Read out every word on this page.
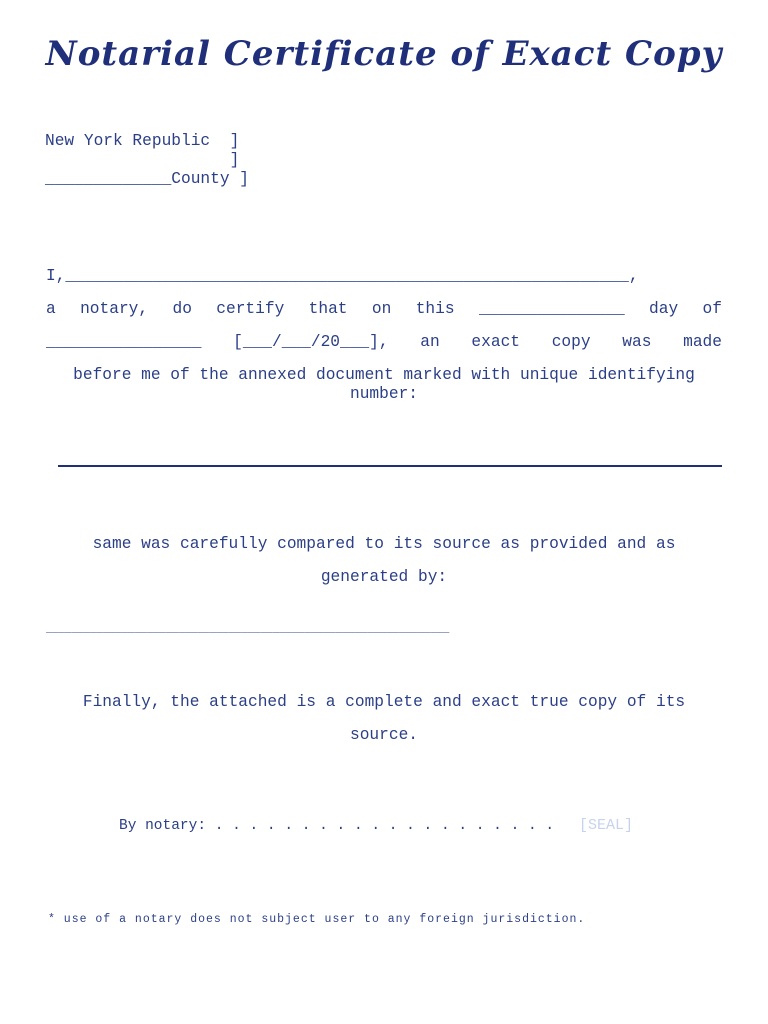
Notarial Certificate of Exact Copy
New York Republic  ]
]
_____________County ]
I,__________________________________________________________,
a notary, do certify that on this _______________ day of
________________ [___/___/20___], an exact copy was made
before me of the annexed document marked with unique identifying number:
same was carefully compared to its source as provided and as generated by:
________________________________________________________________
Finally, the attached is a complete and exact true copy of its source.
By notary: . . . . . . . . . . . . . . . . . . . . [SEAL]
* use of a notary does not subject user to any foreign jurisdiction.
